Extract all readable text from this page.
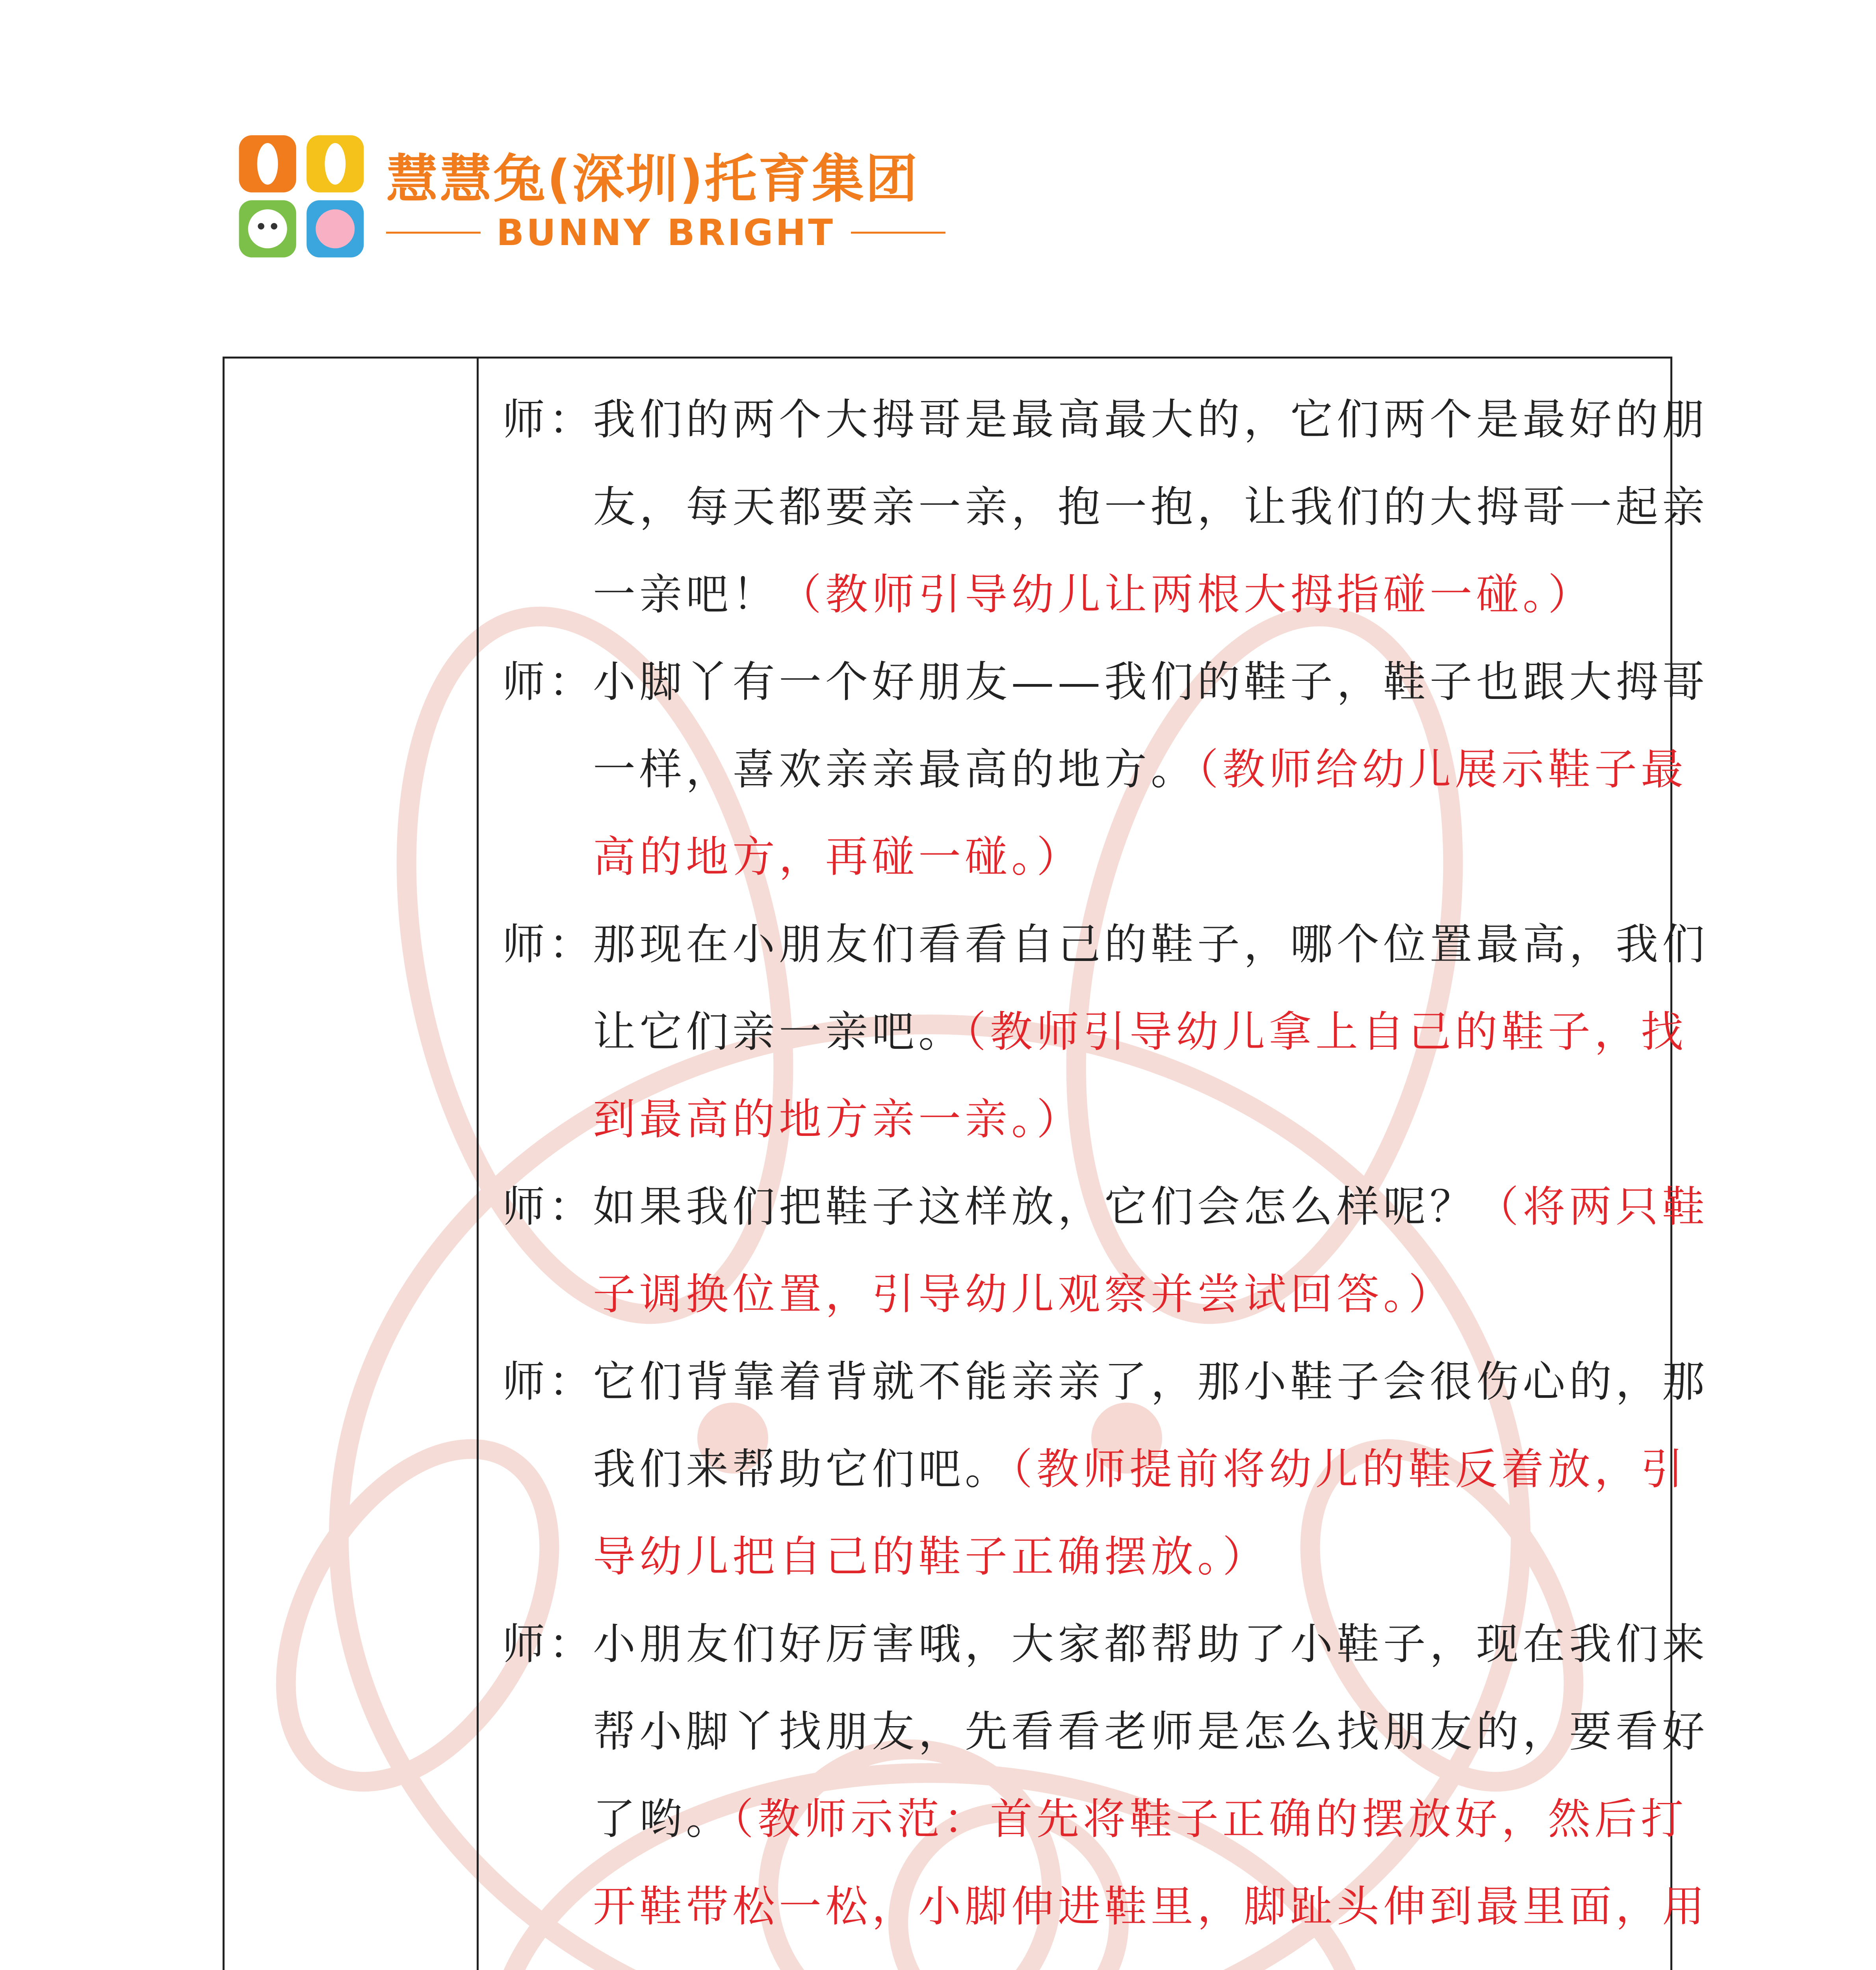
慧慧兔(深圳)托育集团
BUNNY BRIGHT
师：
我们的两个大拇哥是最高最大的，它们两个是最好的朋
友，每天都要亲一亲，抱一抱，让我们的大拇哥一起亲
一亲吧！（教师引导幼儿让两根大拇指碰一碰。）
师：
小脚丫有一个好朋友——我们的鞋子，鞋子也跟大拇哥
一样，喜欢亲亲最高的地方。（教师给幼儿展示鞋子最
高的地方，再碰一碰。）
师：
那现在小朋友们看看自己的鞋子，哪个位置最高，我们
让它们亲一亲吧。（教师引导幼儿拿上自己的鞋子，找
到最高的地方亲一亲。）
师：
如果我们把鞋子这样放，它们会怎么样呢？（将两只鞋
子调换位置，引导幼儿观察并尝试回答。）
师：
它们背靠着背就不能亲亲了，那小鞋子会很伤心的，那
我们来帮助它们吧。（教师提前将幼儿的鞋反着放，引
导幼儿把自己的鞋子正确摆放。）
师：
小朋友们好厉害哦，大家都帮助了小鞋子，现在我们来
帮小脚丫找朋友，先看看老师是怎么找朋友的，要看好
了哟。（教师示范：首先将鞋子正确的摆放好，然后打
开鞋带松一松，小脚伸进鞋里，脚趾头伸到最里面，用
